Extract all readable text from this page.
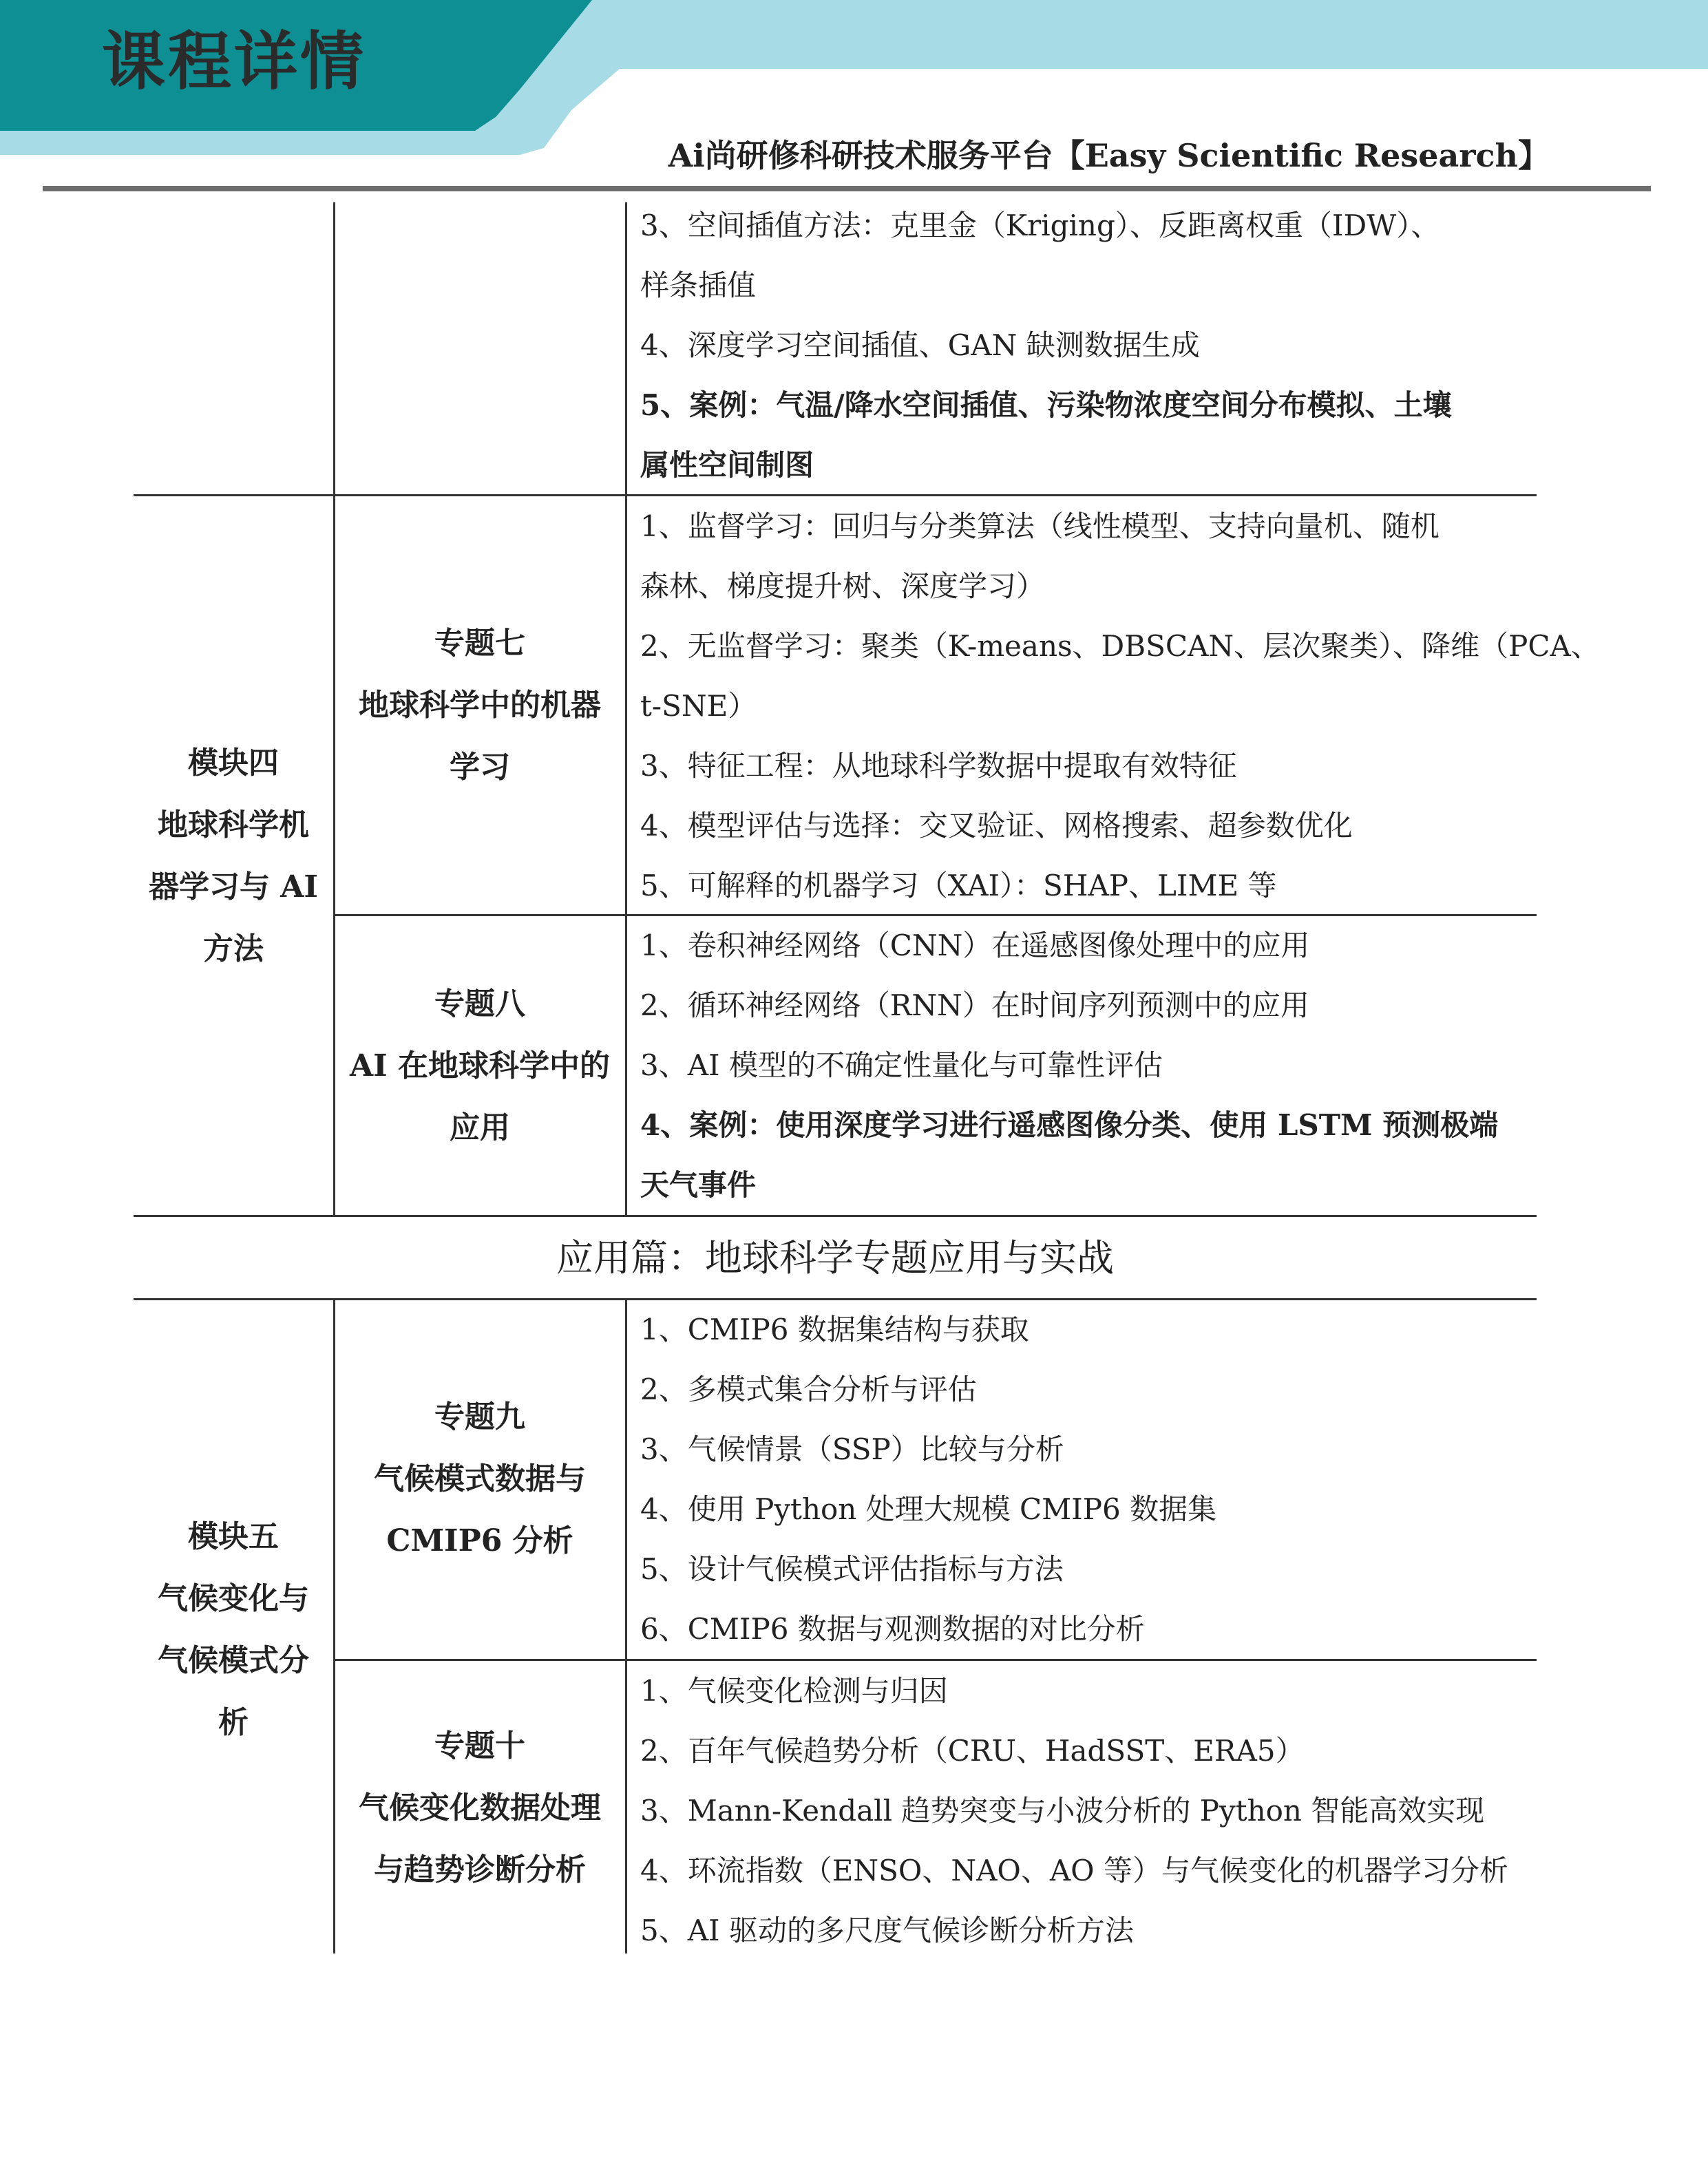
课程详情
Ai尚研修科研技术服务平台【Easy Scientific Research】
应用篇：地球科学专题应用与实战
3、空间插值方法：克里金（Kriging）、反距离权重（IDW）、
样条插值
4、深度学习空间插值、GAN 缺测数据生成
5、案例：气温/降水空间插值、污染物浓度空间分布模拟、土壤
属性空间制图
模块四
地球科学机
器学习与 AI
方法
专题七
地球科学中的机器
学习
1、监督学习：回归与分类算法（线性模型、支持向量机、随机
森林、梯度提升树、深度学习）
2、无监督学习：聚类（K-means、DBSCAN、层次聚类）、降维（PCA、
t-SNE）
3、特征工程：从地球科学数据中提取有效特征
4、模型评估与选择：交叉验证、网格搜索、超参数优化
5、可解释的机器学习（XAI）：SHAP、LIME 等
专题八
AI 在地球科学中的
应用
1、卷积神经网络（CNN）在遥感图像处理中的应用
2、循环神经网络（RNN）在时间序列预测中的应用
3、AI 模型的不确定性量化与可靠性评估
4、案例：使用深度学习进行遥感图像分类、使用 LSTM 预测极端
天气事件
模块五
气候变化与
气候模式分
析
专题九
气候模式数据与
CMIP6 分析
1、CMIP6 数据集结构与获取
2、多模式集合分析与评估
3、气候情景（SSP）比较与分析
4、使用 Python 处理大规模 CMIP6 数据集
5、设计气候模式评估指标与方法
6、CMIP6 数据与观测数据的对比分析
专题十
气候变化数据处理
与趋势诊断分析
1、气候变化检测与归因
2、百年气候趋势分析（CRU、HadSST、ERA5）
3、Mann-Kendall 趋势突变与小波分析的 Python 智能高效实现
4、环流指数（ENSO、NAO、AO 等）与气候变化的机器学习分析
5、AI 驱动的多尺度气候诊断分析方法
